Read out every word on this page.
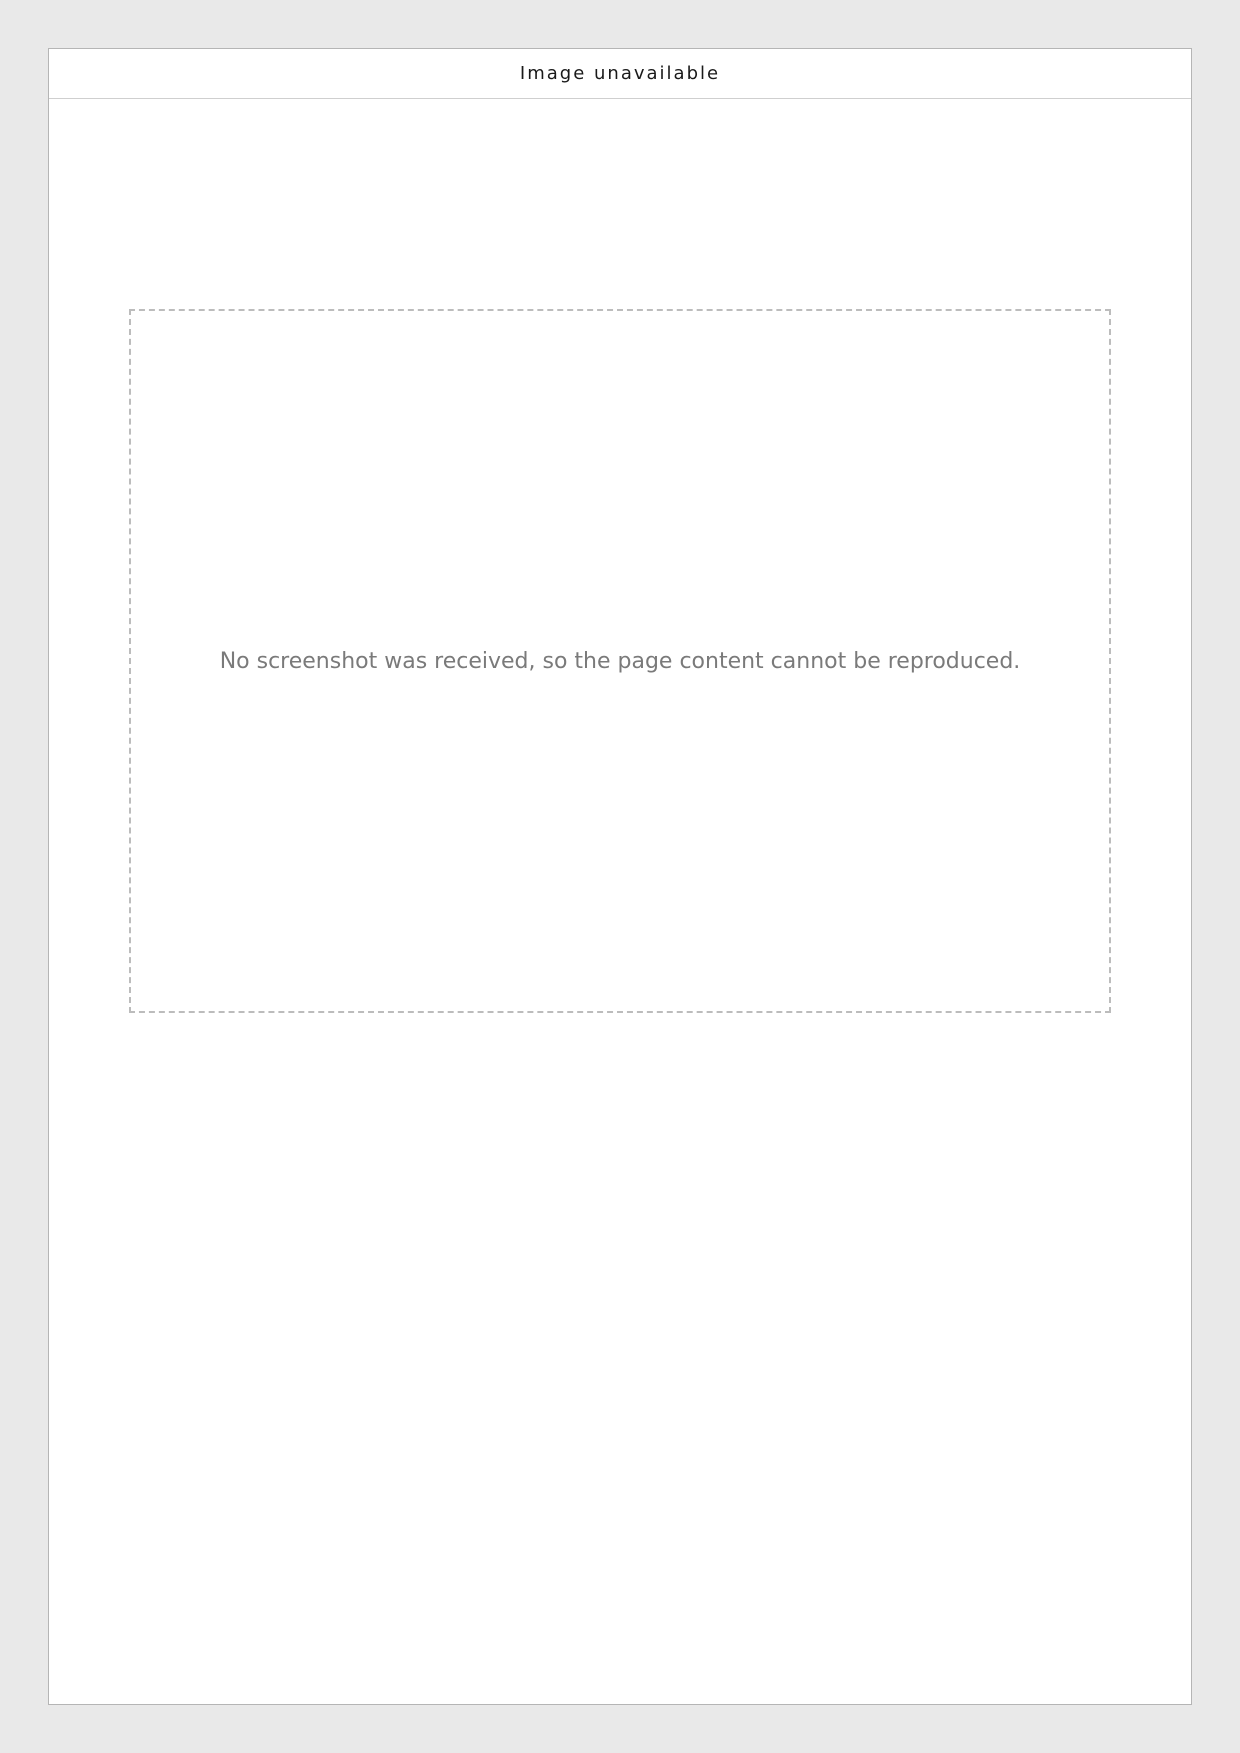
Image unavailable
No screenshot was received, so the page content cannot be reproduced.
